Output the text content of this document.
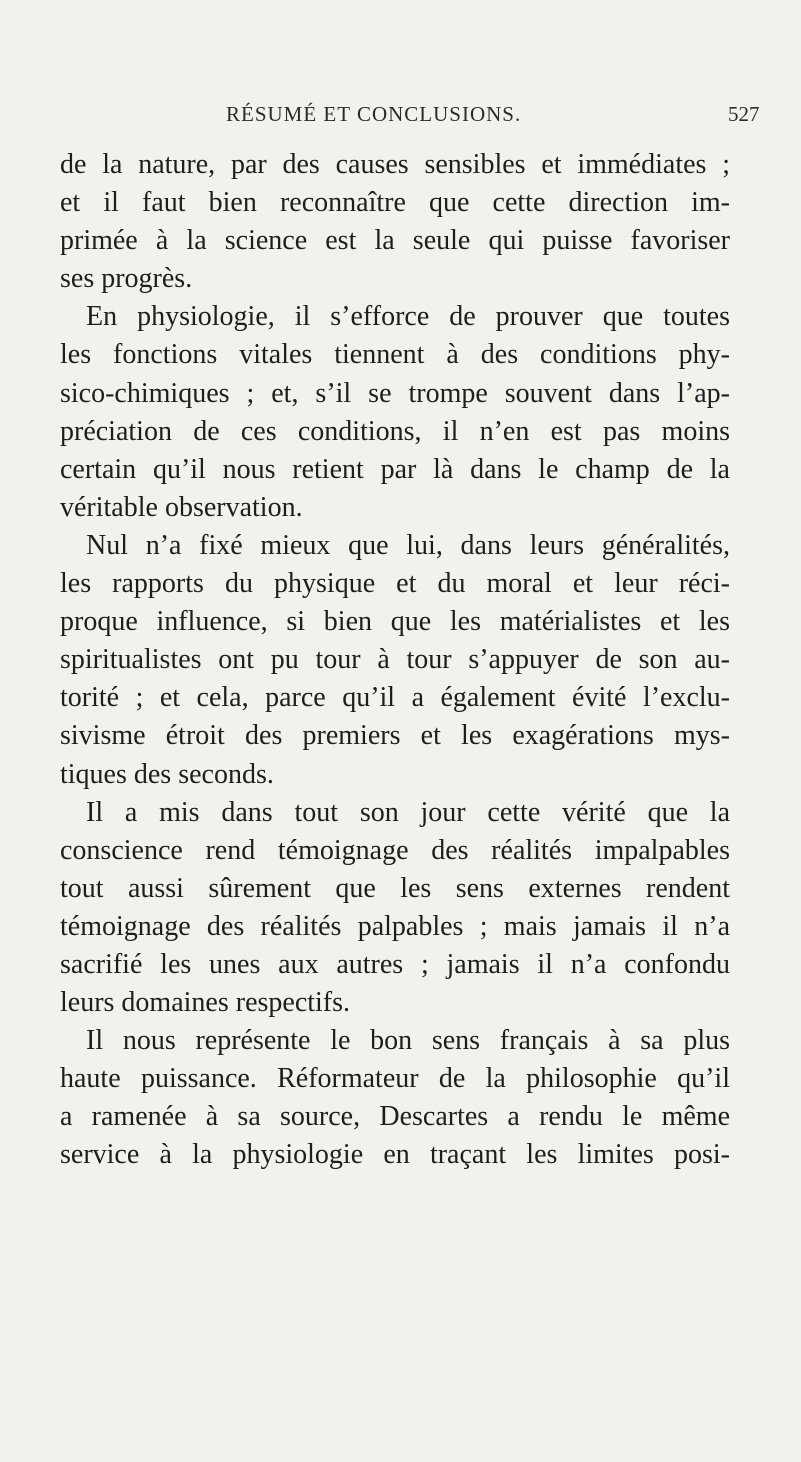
RÉSUMÉ ET CONCLUSIONS.	527
de la nature, par des causes sensibles et immédiates ;
et il faut bien reconnaître que cette direction im-
primée à la science est la seule qui puisse favoriser
ses progrès.
En physiologie, il s’efforce de prouver que toutes
les fonctions vitales tiennent à des conditions phy-
sico-chimiques ; et, s’il se trompe souvent dans l’ap-
préciation de ces conditions, il n’en est pas moins
certain qu’il nous retient par là dans le champ de la
véritable observation.
Nul n’a fixé mieux que lui, dans leurs généralités,
les rapports du physique et du moral et leur réci-
proque influence, si bien que les matérialistes et les
spiritualistes ont pu tour à tour s’appuyer de son au-
torité ; et cela, parce qu’il a également évité l’exclu-
sivisme étroit des premiers et les exagérations mys-
tiques des seconds.
Il a mis dans tout son jour cette vérité que la
conscience rend témoignage des réalités impalpables
tout aussi sûrement que les sens externes rendent
témoignage des réalités palpables ; mais jamais il n’a
sacrifié les unes aux autres ; jamais il n’a confondu
leurs domaines respectifs.
Il nous représente le bon sens français à sa plus
haute puissance. Réformateur de la philosophie qu’il
a ramenée à sa source, Descartes a rendu le même
service à la physiologie en traçant les limites posi-
